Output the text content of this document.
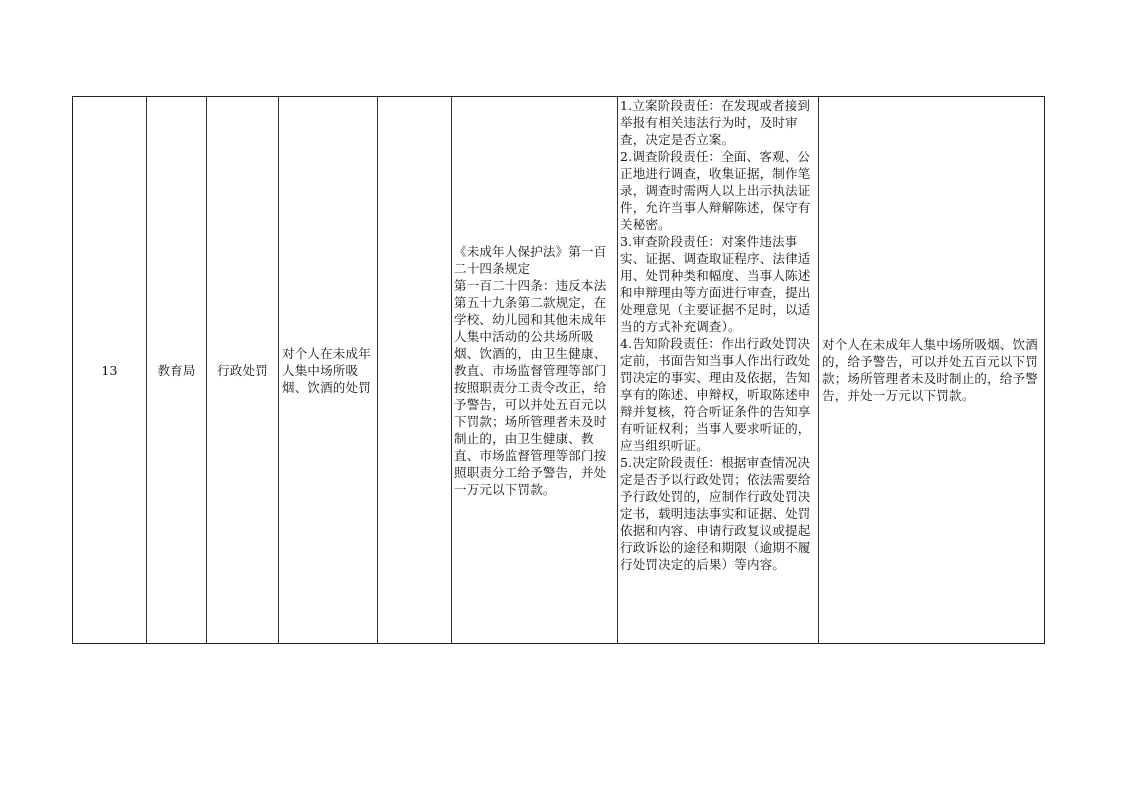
13	教育局 行政处罚
对个人在未成年人集中场所吸烟、饮酒的处罚
《未成年人保护法》第一百二十四条规定
第一百二十四条：违反本法第五十九条第二款规定，在学校、幼儿园和其他未成年人集中活动的公共场所吸烟、饮酒的，由卫生健康、教直、市场监督管理等部门按照职责分工责令改正，给予警告，可以并处五百元以下罚款；场所管理者未及时制止的，由卫生健康、教直、市场监督管理等部门按照职责分工给予警告，并处一万元以下罚款。
1.立案阶段责任：在发现或者接到举报有相关违法行为时，及时审查，决定是否立案。
2.调查阶段责任：全面、客观、公正地进行调查，收集证据，制作笔录，调查时需两人以上出示执法证件，允许当事人辩解陈述，保守有关秘密。
3.审查阶段责任：对案件违法事实、证据、调查取证程序、法律适用、处罚种类和幅度、当事人陈述和申辩理由等方面进行审查，提出处理意见（主要证据不足时，以适当的方式补充调查）。
4.告知阶段责任：作出行政处罚决定前，书面告知当事人作出行政处罚决定的事实、理由及依据，告知享有的陈述、申辩权，听取陈述申辩并复核，符合听证条件的告知享有听证权利；当事人要求听证的，应当组织听证。
5.决定阶段责任：根据审查情况决定是否予以行政处罚；依法需要给予行政处罚的，应制作行政处罚决定书，载明违法事实和证据、处罚依据和内容、申请行政复议或提起行政诉讼的途径和期限（逾期不履行处罚决定的后果）等内容。
对个人在未成年人集中场所吸烟、饮酒的，给予警告，可以并处五百元以下罚款；场所管理者未及时制止的，给予警告，并处一万元以下罚款。
